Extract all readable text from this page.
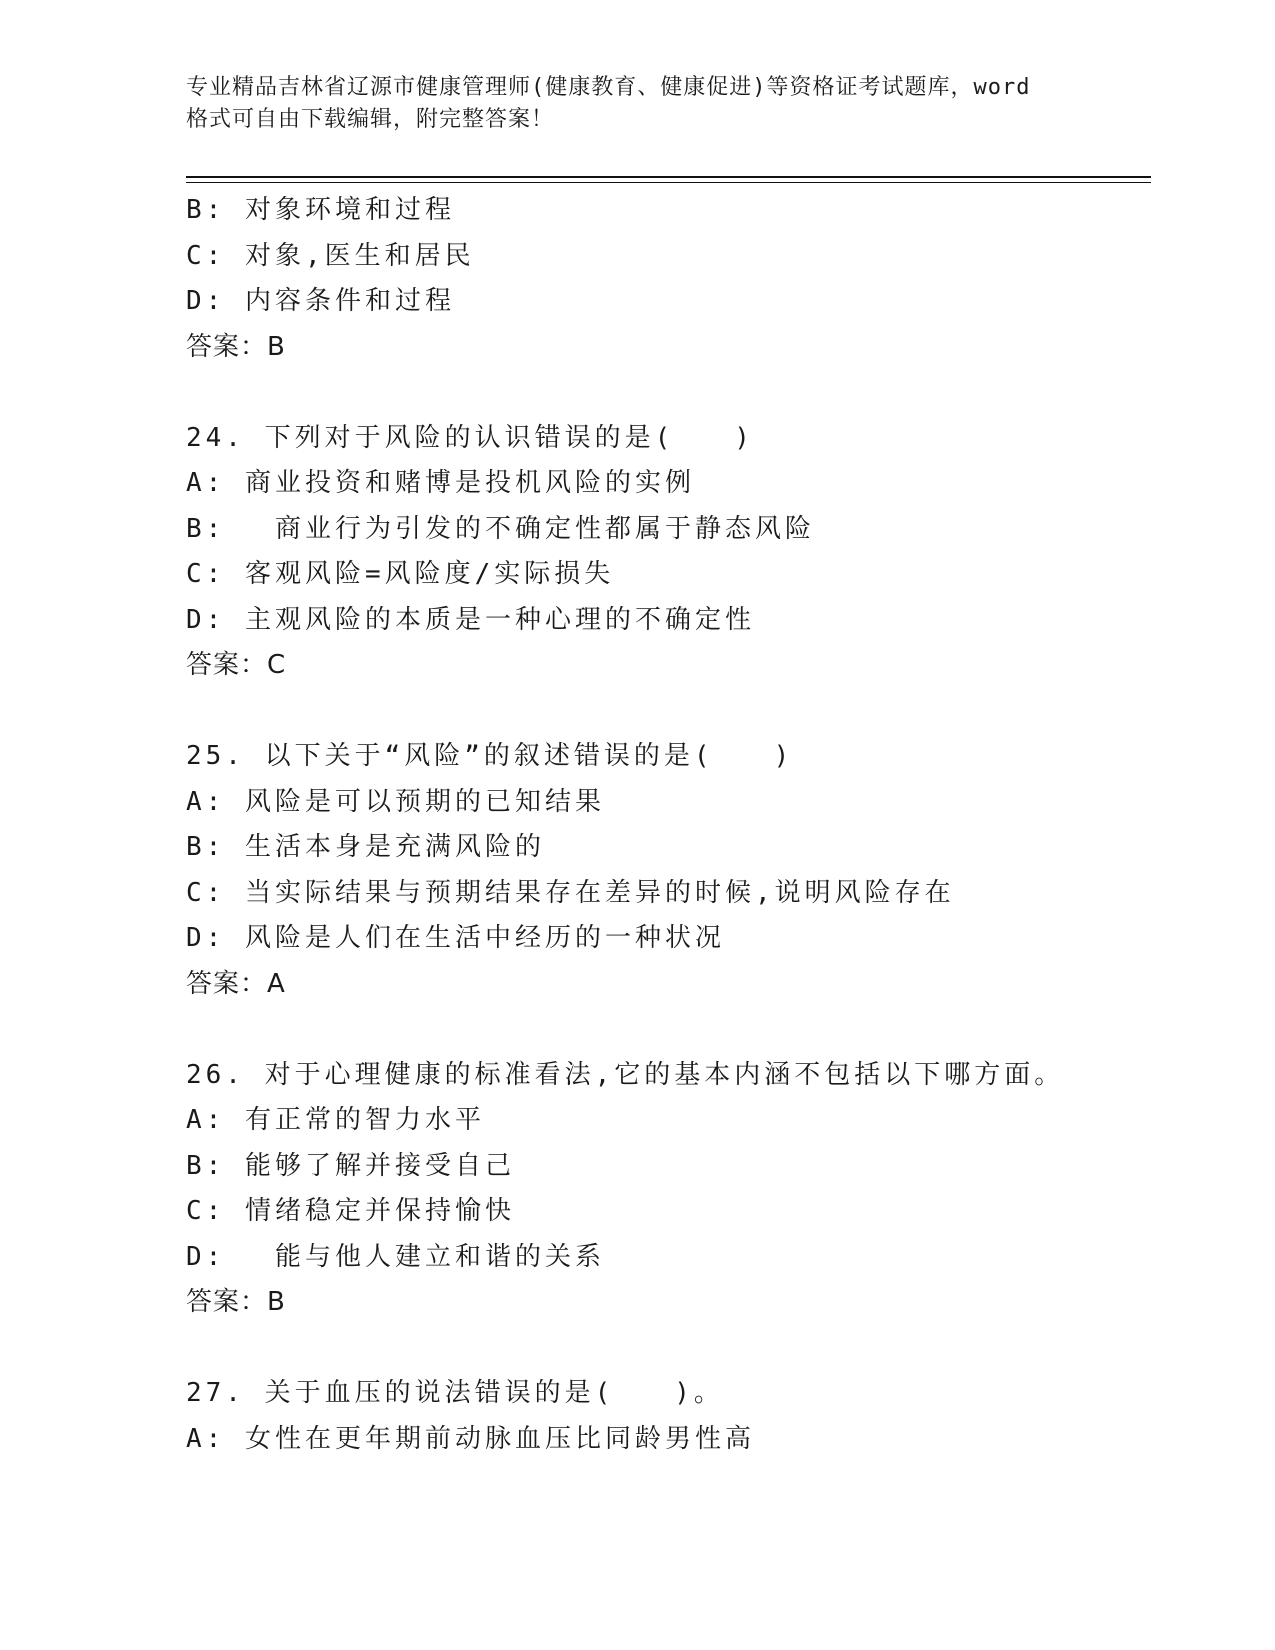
专业精品吉林省辽源市健康管理师(健康教育、健康促进)等资格证考试题库，word
格式可自由下载编辑，附完整答案！
B: 对象环境和过程
C: 对象,医生和居民
D: 内容条件和过程
答案：B
24. 下列对于风险的认识错误的是(　　)
A: 商业投资和赌博是投机风险的实例
B: 　商业行为引发的不确定性都属于静态风险
C: 客观风险=风险度/实际损失
D: 主观风险的本质是一种心理的不确定性
答案：C
25. 以下关于“风险”的叙述错误的是(　　)
A: 风险是可以预期的已知结果
B: 生活本身是充满风险的
C: 当实际结果与预期结果存在差异的时候,说明风险存在
D: 风险是人们在生活中经历的一种状况
答案：A
26. 对于心理健康的标准看法,它的基本内涵不包括以下哪方面。
A: 有正常的智力水平
B: 能够了解并接受自己
C: 情绪稳定并保持愉快
D: 　能与他人建立和谐的关系
答案：B
27. 关于血压的说法错误的是(　　)。
A: 女性在更年期前动脉血压比同龄男性高
